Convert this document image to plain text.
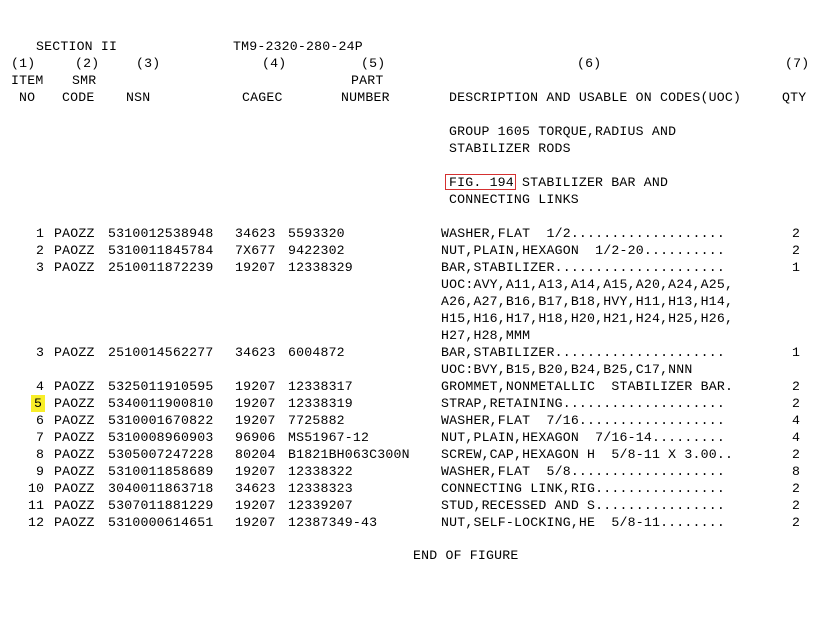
SECTION II	TM9-2320-280-24P
(1)	(2)	(3)	(4)	(5)	(6)	(7)
ITEM SMR	PART
NO CODE NSN	CAGEC	NUMBER	DESCRIPTION AND USABLE ON CODES(UOC)	QTY
GROUP 1605 TORQUE,RADIUS AND
STABILIZER RODS
FIG. 194 STABILIZER BAR AND
CONNECTING LINKS
1 PAOZZ 5310012538948 34623 5593320	WASHER,FLAT  1/2...................	2
2 PAOZZ 5310011845784 7X677 9422302	NUT,PLAIN,HEXAGON  1/2-20..........	2
3 PAOZZ 2510011872239 19207 12338329	BAR,STABILIZER.....................	1
UOC:AVY,A11,A13,A14,A15,A20,A24,A25,
A26,A27,B16,B17,B18,HVY,H11,H13,H14,
H15,H16,H17,H18,H20,H21,H24,H25,H26,
H27,H28,MMM
3 PAOZZ 2510014562277 34623 6004872	BAR,STABILIZER.....................	1
UOC:BVY,B15,B20,B24,B25,C17,NNN
4 PAOZZ 5325011910595 19207 12338317	GROMMET,NONMETALLIC  STABILIZER BAR.	2
5 PAOZZ 5340011900810 19207 12338319	STRAP,RETAINING....................	2
6 PAOZZ 5310001670822 19207 7725882	WASHER,FLAT  7/16..................	4
7 PAOZZ 5310008960903 96906 MS51967-12	NUT,PLAIN,HEXAGON  7/16-14.........	4
8 PAOZZ 5305007247228 80204 B1821BH063C300N SCREW,CAP,HEXAGON H  5/8-11 X 3.00..	2
9 PAOZZ 5310011858689 19207 12338322	WASHER,FLAT  5/8...................	8
10 PAOZZ 3040011863718 34623 12338323	CONNECTING LINK,RIG................	2
11 PAOZZ 5307011881229 19207 12339207	STUD,RECESSED AND S................	2
12 PAOZZ 5310000614651 19207 12387349-43	NUT,SELF-LOCKING,HE  5/8-11........	2
END OF FIGURE
